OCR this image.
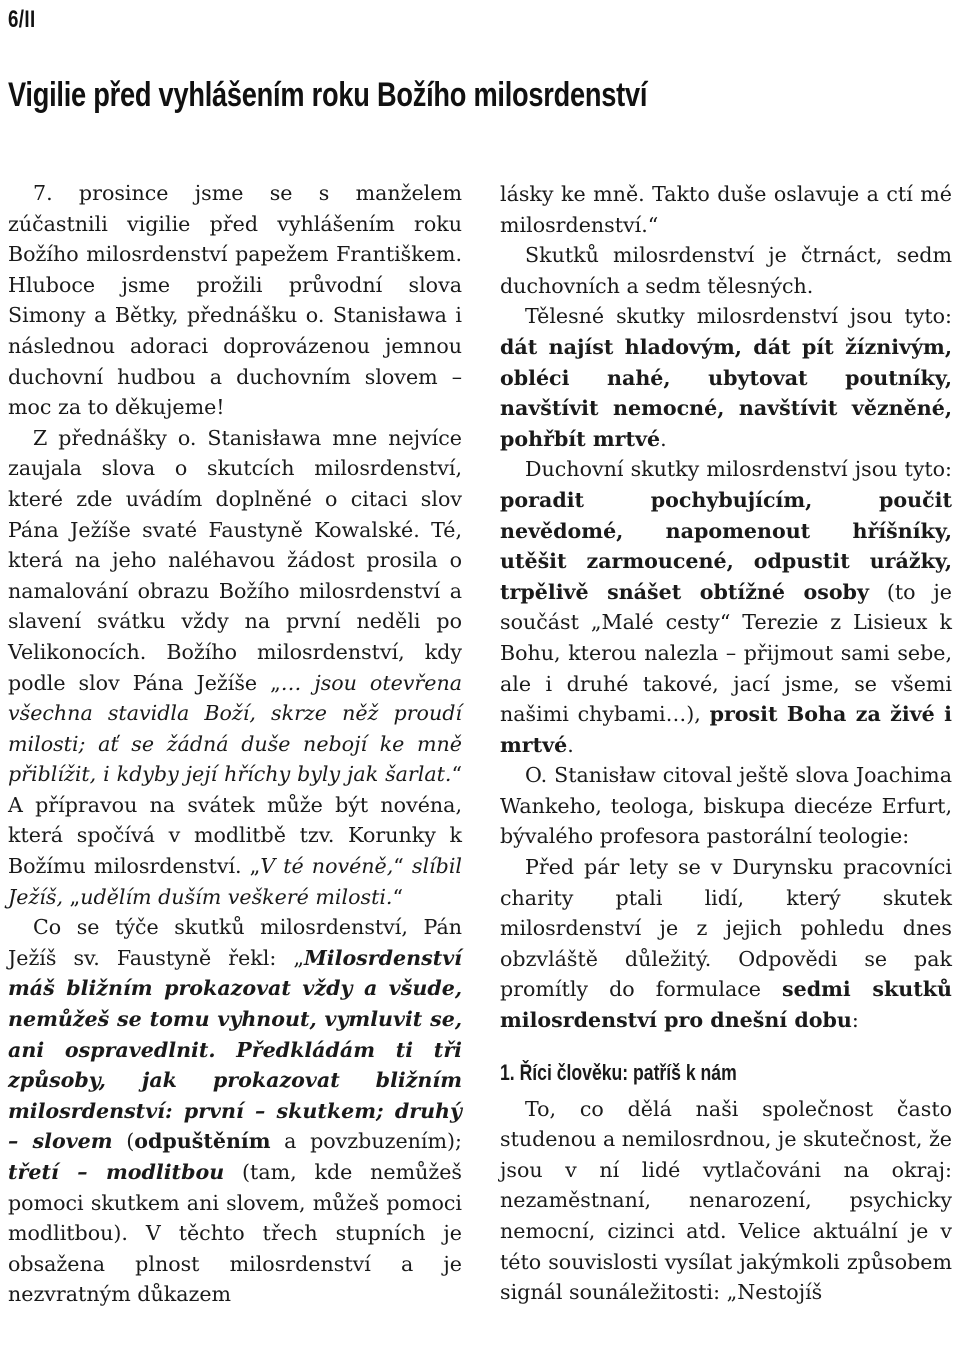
6/II
Vigilie před vyhlášením roku Božího milosrdenství

7. prosince jsme se s manželem zúčastnili vigilie před vyhlášením roku Božího milosrdenství papežem Františkem. Hluboce jsme prožili průvodní slova Simony a Bětky, přednášku o. Stanisława i následnou adoraci doprovázenou jemnou duchovní hudbou a duchovním slovem – moc za to děkujeme!

Z přednášky o. Stanisława mne nejvíce zaujala slova o skutcích milosrdenství, které zde uvádím doplněné o citaci slov Pána Ježíše svaté Faustyně Kowalské. Té, která na jeho naléhavou žádost prosila o namalování obrazu Božího milosrdenství a slavení svátku vždy na první neděli po Velikonocích. Božího milosrdenství, kdy podle slov Pána Ježíše „… jsou otevřena všechna stavidla Boží, skrze něž proudí milosti; ať se žádná duše nebojí ke mně přiblížit, i kdyby její hříchy byly jak šarlat.“ A přípravou na svátek může být novéna, která spočívá v modlitbě tzv. Korunky k Božímu milosrdenství. „V té novéně,“ slíbil Ježíš, „udělím duším veškeré milosti.“

Co se týče skutků milosrdenství, Pán Ježíš sv. Faustyně řekl: „Milosrdenství máš bližním prokazovat vždy a všude, nemůžeš se tomu vyhnout, vymluvit se, ani ospravedlnit. Předkládám ti tři způsoby, jak prokazovat bližním milosrdenství: první – skutkem; druhý – slovem (odpuštěním a povzbuzením); třetí – modlitbou (tam, kde nemůžeš pomoci skutkem ani slovem, můžeš pomoci modlitbou). V těchto třech stupních je obsažena plnost milosrdenství a je nezvratným důkazem

lásky ke mně. Takto duše oslavuje a ctí mé milosrdenství.“

Skutků milosrdenství je čtrnáct, sedm duchovních a sedm tělesných.

Tělesné skutky milosrdenství jsou tyto: dát najíst hladovým, dát pít žíznivým, obléci nahé, ubytovat poutníky, navštívit nemocné, navštívit vězněné, pohřbít mrtvé.

Duchovní skutky milosrdenství jsou tyto: poradit pochybujícím, poučit nevědomé, napomenout hříšníky, utěšit zarmoucené, odpustit urážky, trpělivě snášet obtížné osoby (to je součást „Malé cesty“ Terezie z Lisieux k Bohu, kterou nalezla – přijmout sami sebe, ale i druhé takové, jací jsme, se všemi našimi chybami…), prosit Boha za živé i mrtvé.

O. Stanisław citoval ještě slova Joachima Wankeho, teologa, biskupa diecéze Erfurt, bývalého profesora pastorální teologie:

Před pár lety se v Durynsku pracovníci charity ptali lidí, který skutek milosrdenství je z jejich pohledu dnes obzvláště důležitý. Odpovědi se pak promítly do formulace sedmi skutků milosrdenství pro dnešní dobu:

1. Říci člověku: patříš k nám

To, co dělá naši společnost často studenou a nemilosrdnou, je skutečnost, že jsou v ní lidé vytlačováni na okraj: nezaměstnaní, nenarození, psychicky nemocní, cizinci atd. Velice aktuální je v této souvislosti vysílat jakýmkoli způsobem signál sounáležitosti: „Nestojíš
